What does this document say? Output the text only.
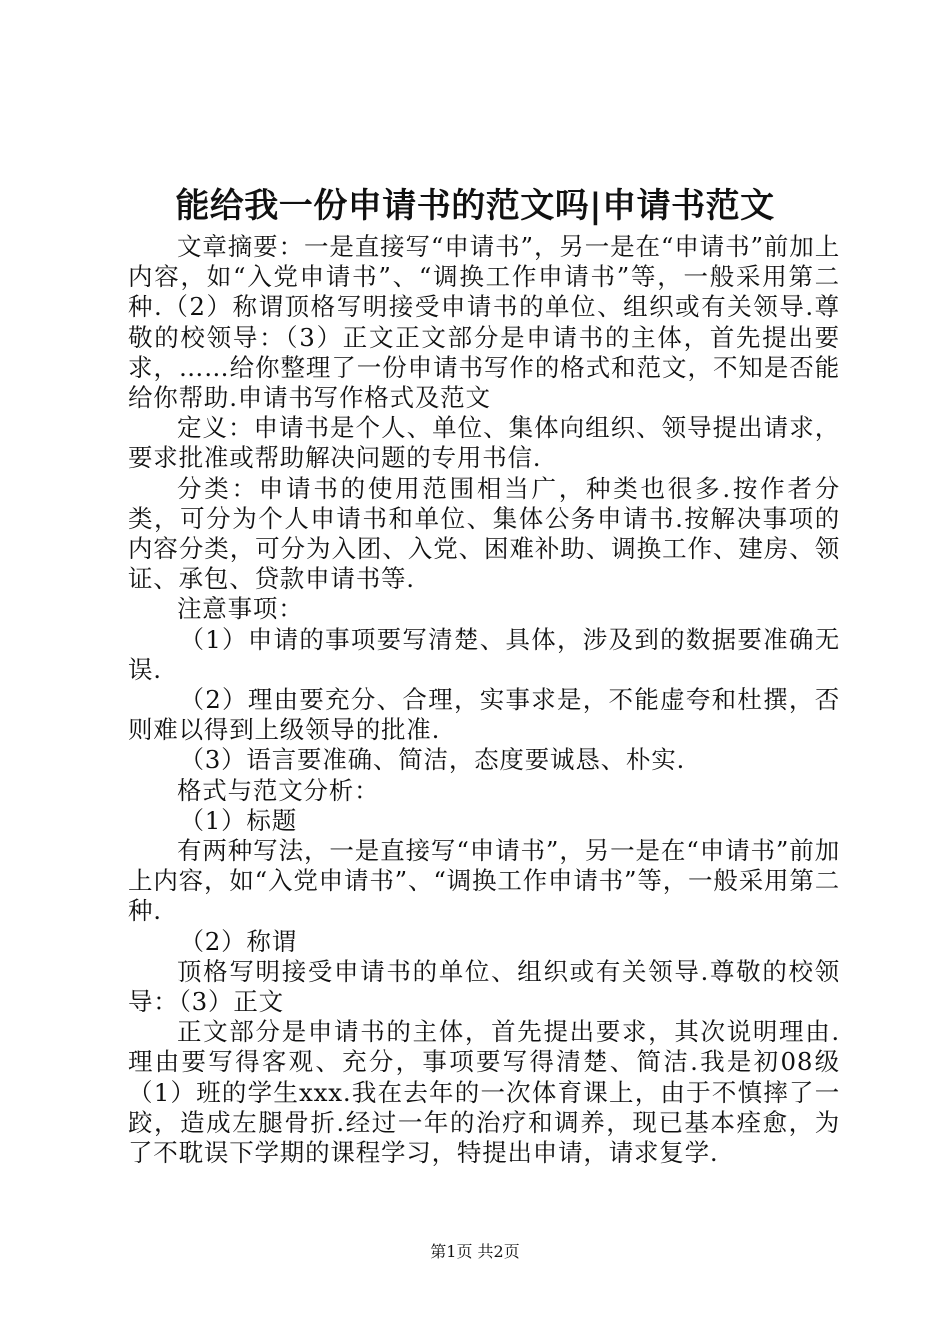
能给我一份申请书的范文吗|申请书范文

文章摘要：一是直接写“申请书”，另一是在“申请书”前加上内容，如“入党申请书”、“调换工作申请书”等，一般采用第二种.（2）称谓顶格写明接受申请书的单位、组织或有关领导.尊敬的校领导：（3）正文正文部分是申请书的主体，首先提出要求，……给你整理了一份申请书写作的格式和范文，不知是否能给你帮助.申请书写作格式及范文

定义：申请书是个人、单位、集体向组织、领导提出请求，要求批准或帮助解决问题的专用书信.

分类：申请书的使用范围相当广，种类也很多.按作者分类，可分为个人申请书和单位、集体公务申请书.按解决事项的内容分类，可分为入团、入党、困难补助、调换工作、建房、领证、承包、贷款申请书等.

注意事项：

（1）申请的事项要写清楚、具体，涉及到的数据要准确无误.

（2）理由要充分、合理，实事求是，不能虚夸和杜撰，否则难以得到上级领导的批准.

（3）语言要准确、简洁，态度要诚恳、朴实.

格式与范文分析：

（1）标题

有两种写法，一是直接写“申请书”，另一是在“申请书”前加上内容，如“入党申请书”、“调换工作申请书”等，一般采用第二种.

（2）称谓

顶格写明接受申请书的单位、组织或有关领导.尊敬的校领导：（3）正文

正文部分是申请书的主体，首先提出要求，其次说明理由.理由要写得客观、充分，事项要写得清楚、简洁.我是初08级（1）班的学生xxx.我在去年的一次体育课上，由于不慎摔了一跤，造成左腿骨折.经过一年的治疗和调养，现已基本痊愈，为了不耽误下学期的课程学习，特提出申请，请求复学.

第1页 共2页
